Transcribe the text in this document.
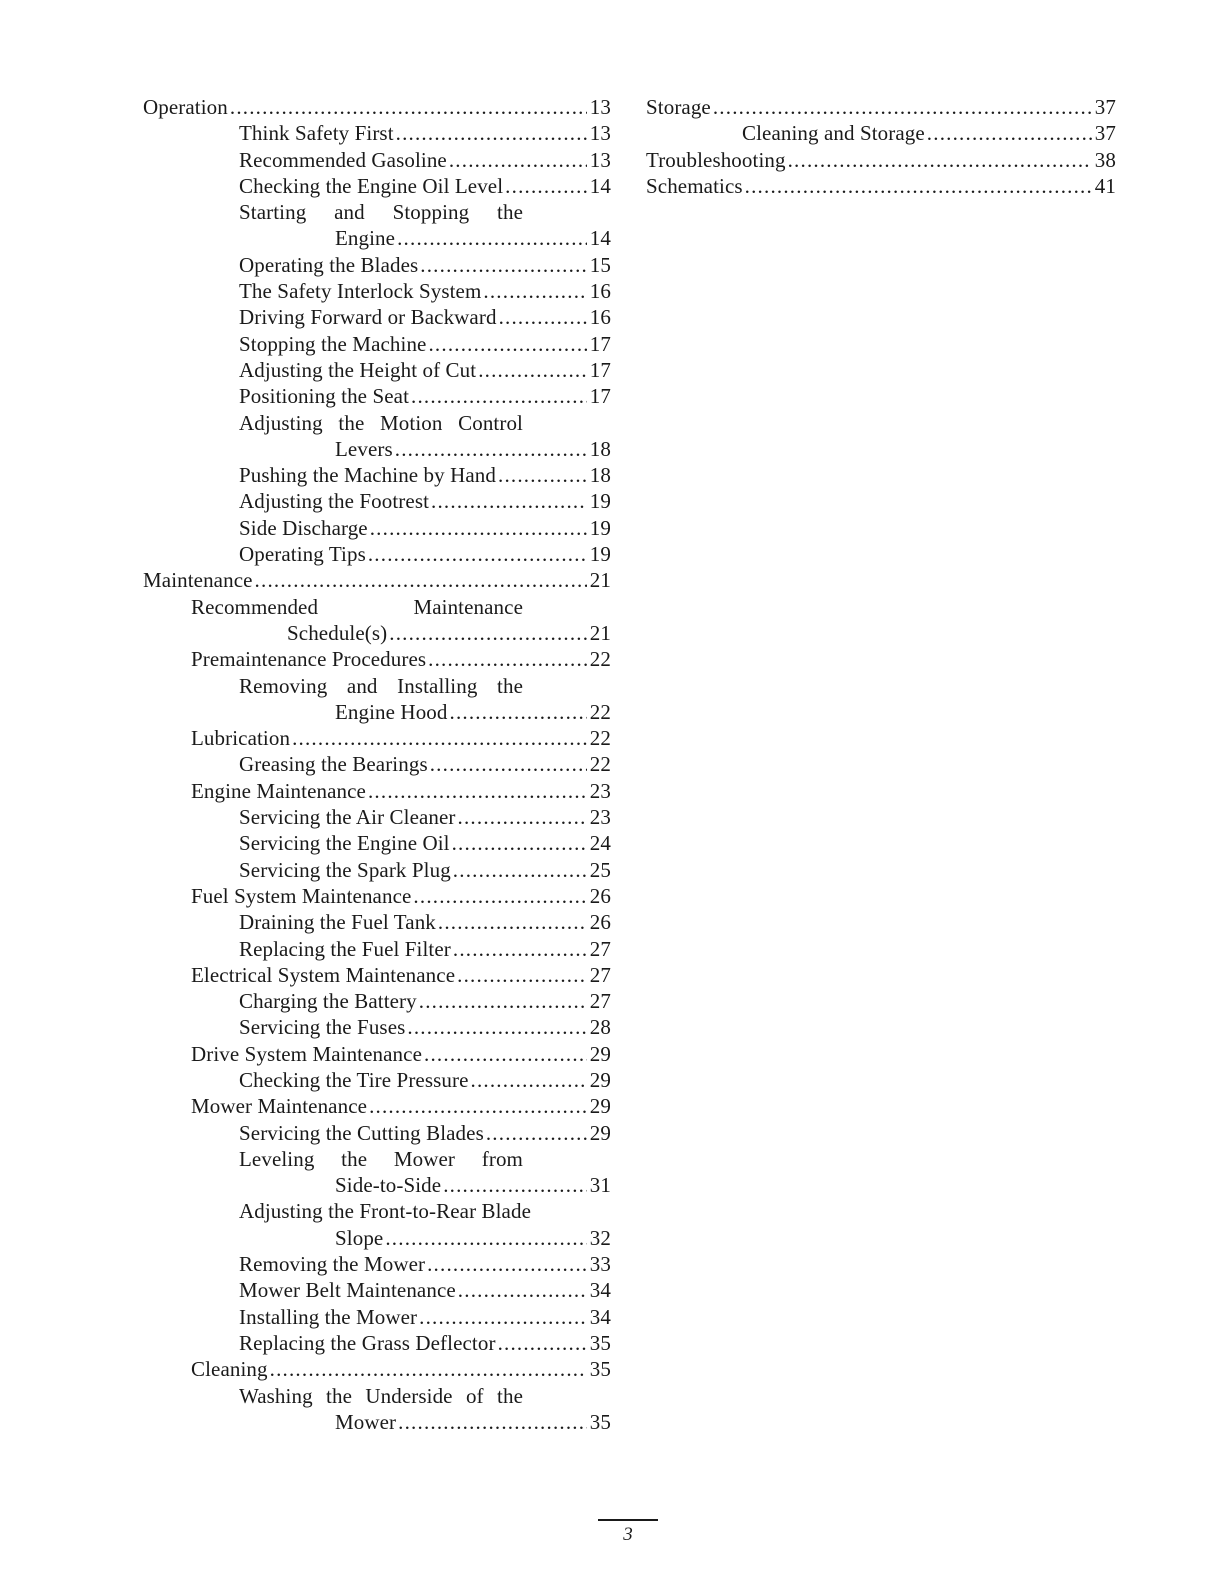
Operation .....	13
Think Safety First .....	13
Recommended Gasoline .....	13
Checking the Engine Oil Level .....	14
Starting and Stopping the
Engine .....	14
Operating the Blades .....	15
The Safety Interlock System .....	16
Driving Forward or Backward .....	16
Stopping the Machine .....	17
Adjusting the Height of Cut .....	17
Positioning the Seat .....	17
Adjusting the Motion Control
Levers .....	18
Pushing the Machine by Hand .....	18
Adjusting the Footrest .....	19
Side Discharge .....	19
Operating Tips .....	19
Maintenance .....	21
Recommended Maintenance
Schedule(s) .....	21
Premaintenance Procedures .....	22
Removing and Installing the
Engine Hood .....	22
Lubrication .....	22
Greasing the Bearings .....	22
Engine Maintenance .....	23
Servicing the Air Cleaner .....	23
Servicing the Engine Oil .....	24
Servicing the Spark Plug .....	25
Fuel System Maintenance .....	26
Draining the Fuel Tank .....	26
Replacing the Fuel Filter .....	27
Electrical System Maintenance .....	27
Charging the Battery .....	27
Servicing the Fuses .....	28
Drive System Maintenance .....	29
Checking the Tire Pressure .....	29
Mower Maintenance .....	29
Servicing the Cutting Blades .....	29
Leveling the Mower from
Side-to-Side .....	31
Adjusting the Front-to-Rear Blade
Slope .....	32
Removing the Mower .....	33
Mower Belt Maintenance .....	34
Installing the Mower .....	34
Replacing the Grass Deflector .....	35
Cleaning .....	35
Washing the Underside of the
Mower .....	35
Storage .....	37
Cleaning and Storage .....	37
Troubleshooting .....	38
Schematics .....	41
3
